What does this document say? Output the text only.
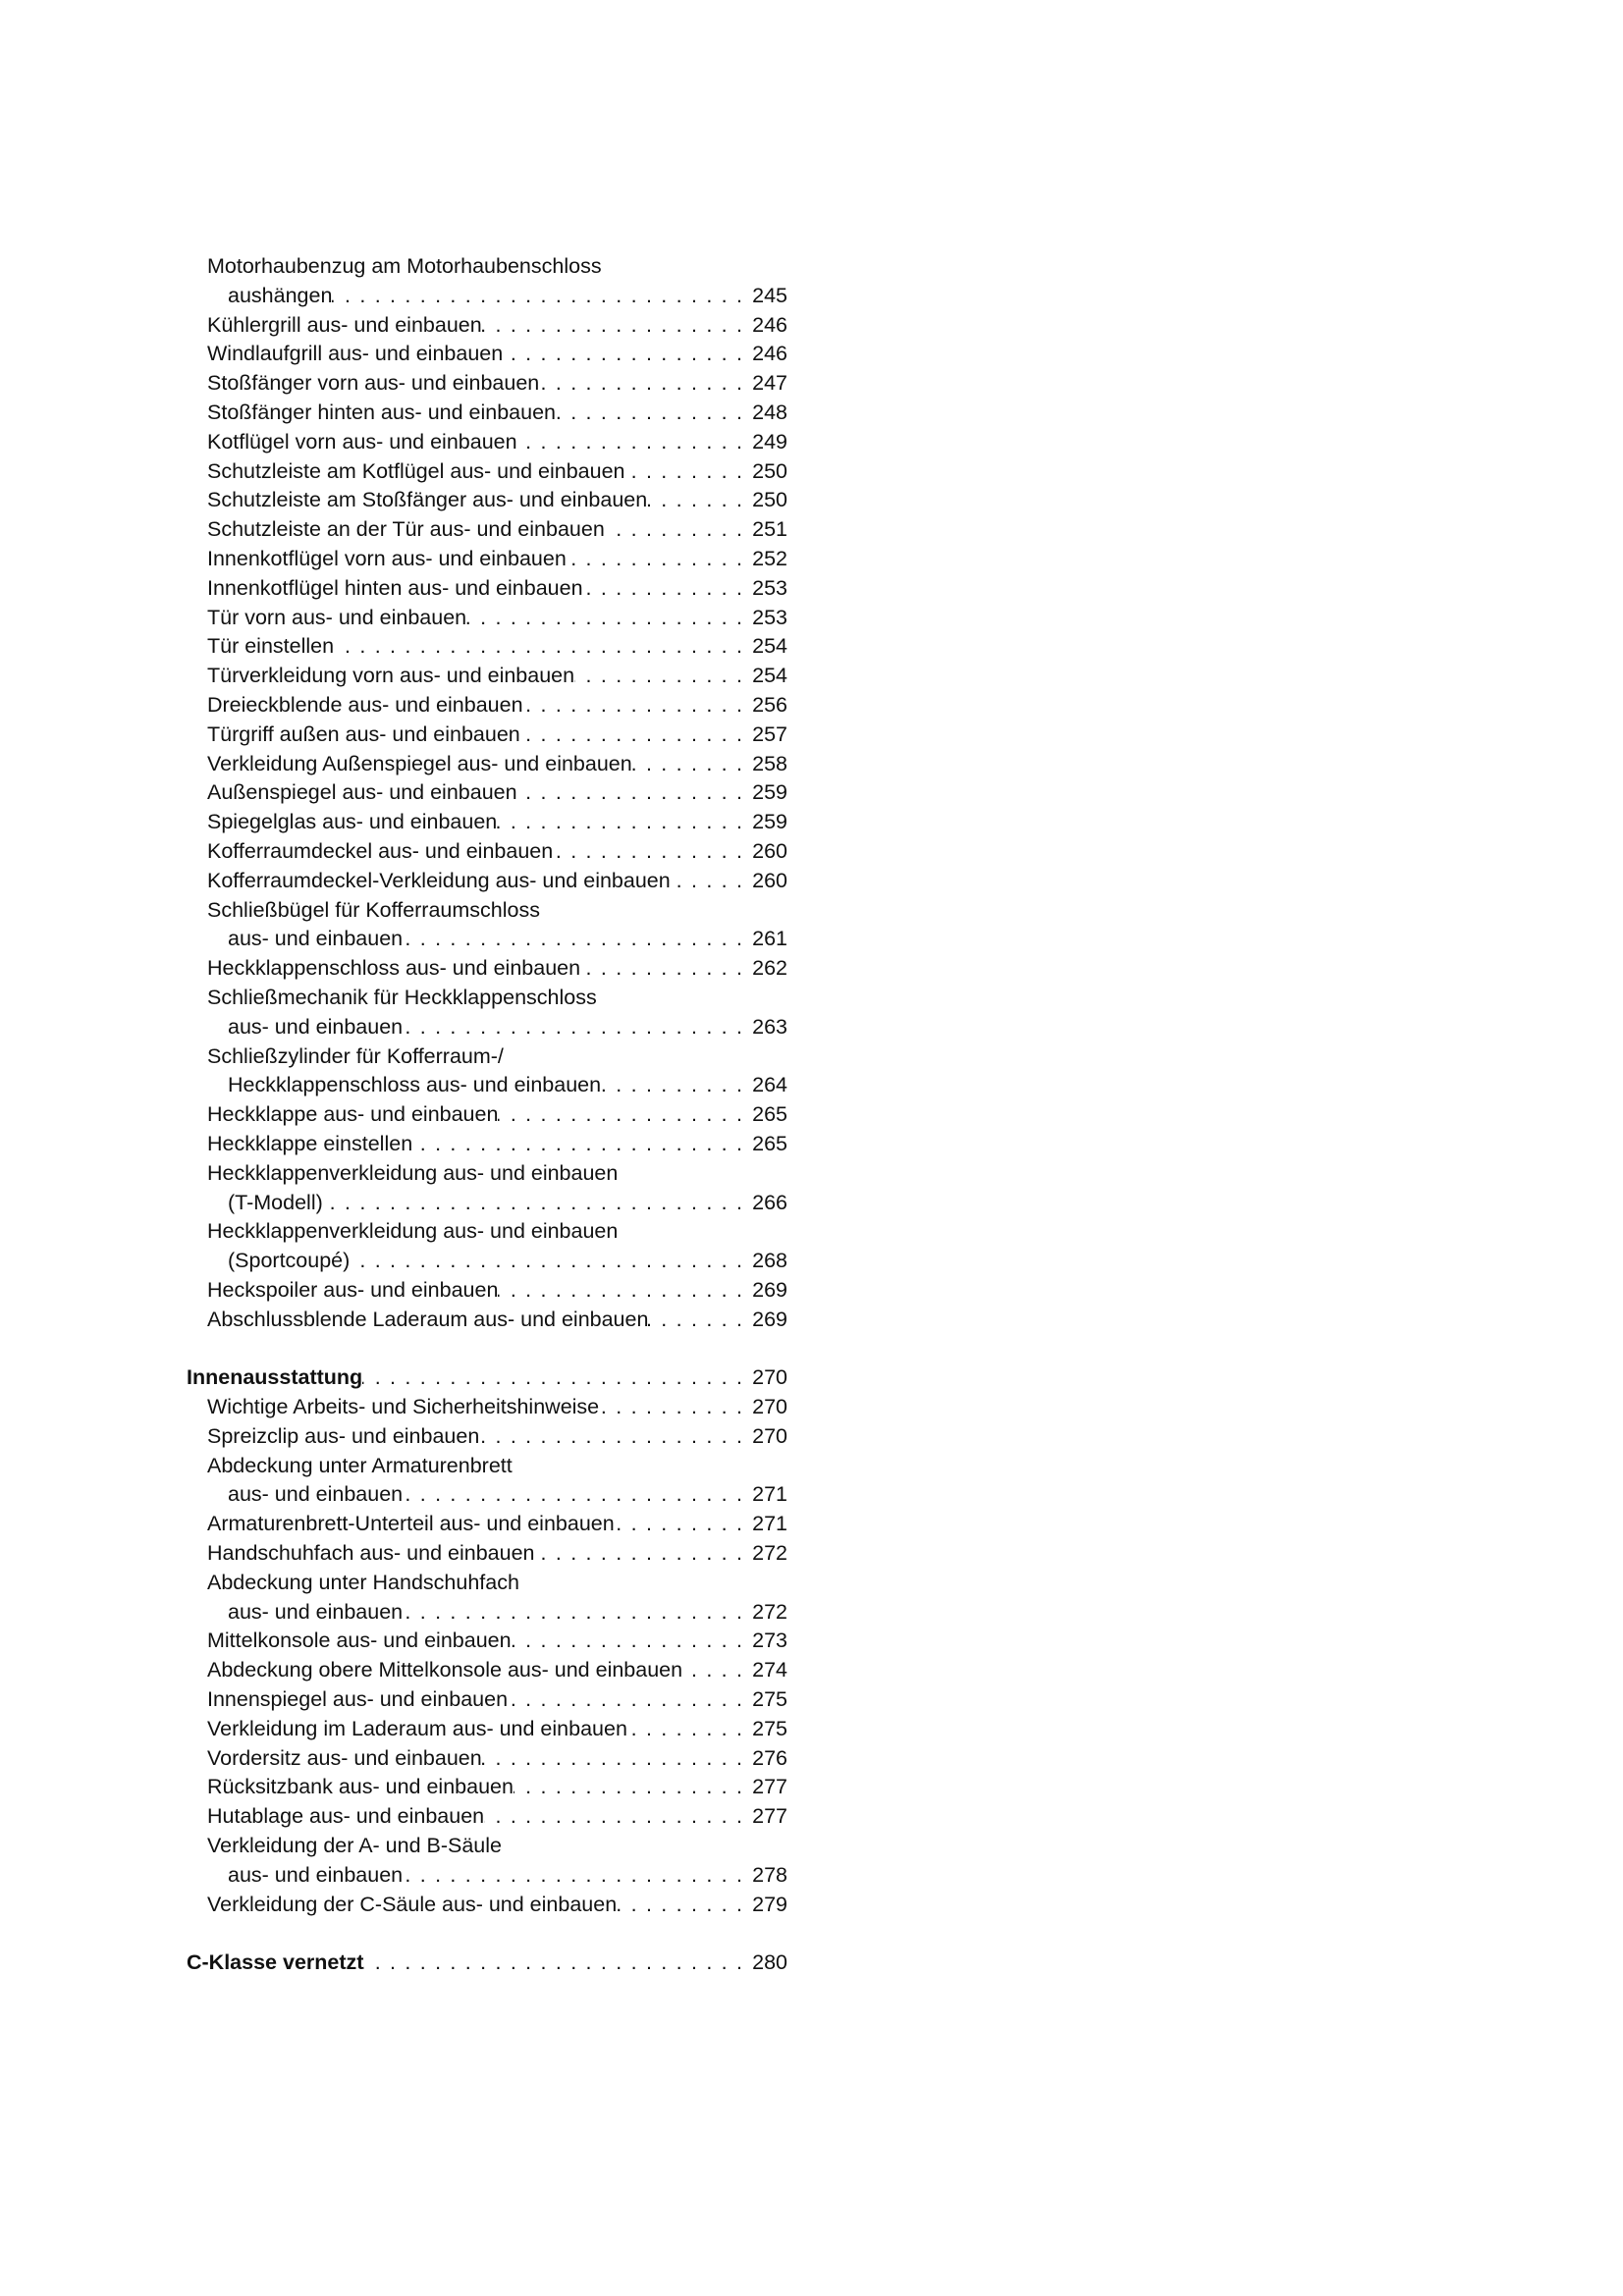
Motorhaubenzug am Motorhaubenschloss
aushängen . . .	245
Kühlergrill aus- und einbauen . . .	246
Windlaufgrill aus- und einbauen . . .	246
Stoßfänger vorn aus- und einbauen . . .	247
Stoßfänger hinten aus- und einbauen . . .	248
Kotflügel vorn aus- und einbauen . . .	249
Schutzleiste am Kotflügel aus- und einbauen . . .	250
Schutzleiste am Stoßfänger aus- und einbauen . . .	250
Schutzleiste an der Tür aus- und einbauen . . .	251
Innenkotflügel vorn aus- und einbauen . . .	252
Innenkotflügel hinten aus- und einbauen . . .	253
Tür vorn aus- und einbauen . . .	253
Tür einstellen . . .	254
Türverkleidung vorn aus- und einbauen . . .	254
Dreieckblende aus- und einbauen . . .	256
Türgriff außen aus- und einbauen . . .	257
Verkleidung Außenspiegel aus- und einbauen . . .	258
Außenspiegel aus- und einbauen . . .	259
Spiegelglas aus- und einbauen . . .	259
Kofferraumdeckel aus- und einbauen . . .	260
Kofferraumdeckel-Verkleidung aus- und einbauen . . .	260
Schließbügel für Kofferraumschloss
aus- und einbauen . . .	261
Heckklappenschloss aus- und einbauen . . .	262
Schließmechanik für Heckklappenschloss
aus- und einbauen . . .	263
Schließzylinder für Kofferraum-/
Heckklappenschloss aus- und einbauen . . .	264
Heckklappe aus- und einbauen . . .	265
Heckklappe einstellen . . .	265
Heckklappenverkleidung aus- und einbauen
(T-Modell) . . .	266
Heckklappenverkleidung aus- und einbauen
(Sportcoupé) . . .	268
Heckspoiler aus- und einbauen . . .	269
Abschlussblende Laderaum aus- und einbauen . . .	269
Innenausstattung . . .	270
Wichtige Arbeits- und Sicherheitshinweise . . .	270
Spreizclip aus- und einbauen . . .	270
Abdeckung unter Armaturenbrett
aus- und einbauen . . .	271
Armaturenbrett-Unterteil aus- und einbauen . . .	271
Handschuhfach aus- und einbauen . . .	272
Abdeckung unter Handschuhfach
aus- und einbauen . . .	272
Mittelkonsole aus- und einbauen . . .	273
Abdeckung obere Mittelkonsole aus- und einbauen . . .	274
Innenspiegel aus- und einbauen . . .	275
Verkleidung im Laderaum aus- und einbauen . . .	275
Vordersitz aus- und einbauen . . .	276
Rücksitzbank aus- und einbauen . . .	277
Hutablage aus- und einbauen . . .	277
Verkleidung der A- und B-Säule
aus- und einbauen . . .	278
Verkleidung der C-Säule aus- und einbauen . . .	279
C-Klasse vernetzt . . .	280
